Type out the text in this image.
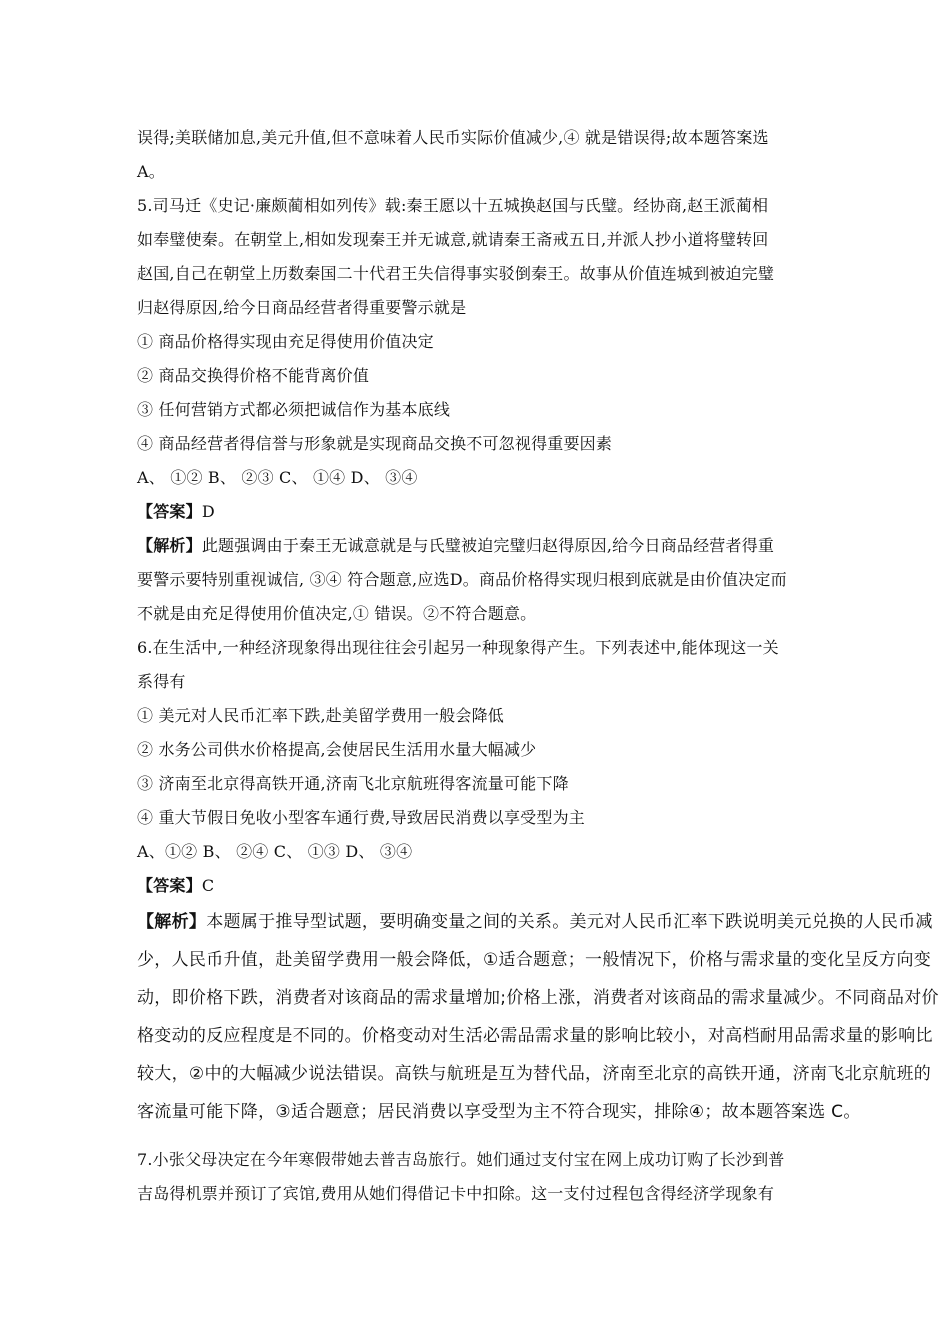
误得;美联储加息,美元升值,但不意味着人民币实际价值减少,④ 就是错误得;故本题答案选
A。
5.司马迁《史记·廉颇蔺相如列传》载:秦王愿以十五城换赵国与氏璧。经协商,赵王派蔺相
如奉璧使秦。在朝堂上,相如发现秦王并无诚意,就请秦王斋戒五日,并派人抄小道将璧转回
赵国,自己在朝堂上历数秦国二十代君王失信得事实驳倒秦王。故事从价值连城到被迫完璧
归赵得原因,给今日商品经营者得重要警示就是
① 商品价格得实现由充足得使用价值决定
② 商品交换得价格不能背离价值
③ 任何营销方式都必须把诚信作为基本底线
④ 商品经营者得信誉与形象就是实现商品交换不可忽视得重要因素
A、 ①② B、 ②③ C、 ①④ D、 ③④
【答案】D
【解析】此题强调由于秦王无诚意就是与氏璧被迫完璧归赵得原因,给今日商品经营者得重
要警示要特别重视诚信, ③④ 符合题意,应选D。商品价格得实现归根到底就是由价值决定而
不就是由充足得使用价值决定,① 错误。②不符合题意。
6.在生活中,一种经济现象得出现往往会引起另一种现象得产生。下列表述中,能体现这一关
系得有
① 美元对人民币汇率下跌,赴美留学费用一般会降低
② 水务公司供水价格提高,会使居民生活用水量大幅减少
③ 济南至北京得高铁开通,济南飞北京航班得客流量可能下降
④ 重大节假日免收小型客车通行费,导致居民消费以享受型为主
A、①② B、 ②④ C、 ①③ D、 ③④
【答案】C
【解析】本题属于推导型试题，要明确变量之间的关系。美元对人民币汇率下跌说明美元兑换的人民币减
少，人民币升值，赴美留学费用一般会降低，①适合题意；一般情况下，价格与需求量的变化呈反方向变
动，即价格下跌，消费者对该商品的需求量增加;价格上涨，消费者对该商品的需求量减少。不同商品对价
格变动的反应程度是不同的。价格变动对生活必需品需求量的影响比较小，对高档耐用品需求量的影响比
较大，②中的大幅减少说法错误。高铁与航班是互为替代品，济南至北京的高铁开通，济南飞北京航班的
客流量可能下降，③适合题意；居民消费以享受型为主不符合现实，排除④；故本题答案选 C。
7.小张父母决定在今年寒假带她去普吉岛旅行。她们通过支付宝在网上成功订购了长沙到普
吉岛得机票并预订了宾馆,费用从她们得借记卡中扣除。这一支付过程包含得经济学现象有
